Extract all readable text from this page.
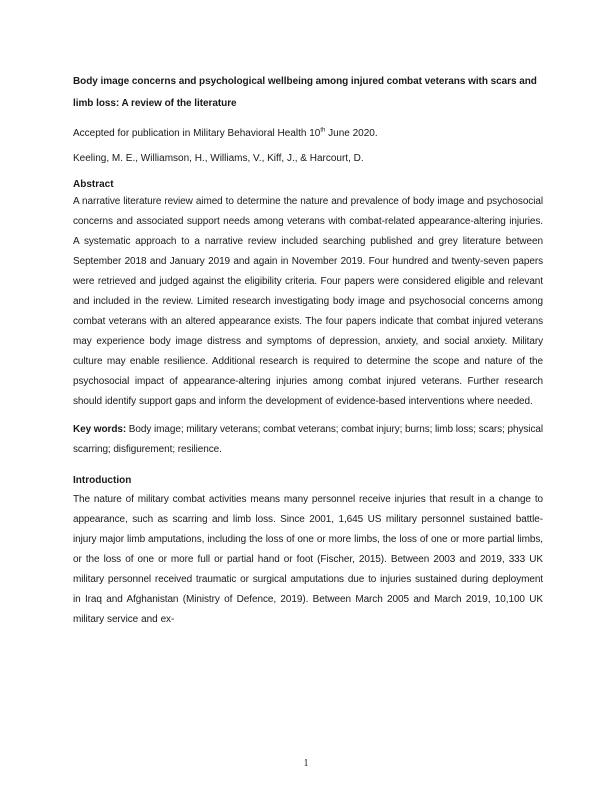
Body image concerns and psychological wellbeing among injured combat veterans with scars and limb loss: A review of the literature

Accepted for publication in Military Behavioral Health 10th June 2020.

Keeling, M. E., Williamson, H., Williams, V., Kiff, J., & Harcourt, D.

Abstract

A narrative literature review aimed to determine the nature and prevalence of body image and psychosocial concerns and associated support needs among veterans with combat-related appearance-altering injuries. A systematic approach to a narrative review included searching published and grey literature between September 2018 and January 2019 and again in November 2019. Four hundred and twenty-seven papers were retrieved and judged against the eligibility criteria. Four papers were considered eligible and relevant and included in the review. Limited research investigating body image and psychosocial concerns among combat veterans with an altered appearance exists. The four papers indicate that combat injured veterans may experience body image distress and symptoms of depression, anxiety, and social anxiety. Military culture may enable resilience. Additional research is required to determine the scope and nature of the psychosocial impact of appearance-altering injuries among combat injured veterans. Further research should identify support gaps and inform the development of evidence-based interventions where needed.

Key words: Body image; military veterans; combat veterans; combat injury; burns; limb loss; scars; physical scarring; disfigurement; resilience.

Introduction

The nature of military combat activities means many personnel receive injuries that result in a change to appearance, such as scarring and limb loss. Since 2001, 1,645 US military personnel sustained battle-injury major limb amputations, including the loss of one or more limbs, the loss of one or more partial limbs, or the loss of one or more full or partial hand or foot (Fischer, 2015). Between 2003 and 2019, 333 UK military personnel received traumatic or surgical amputations due to injuries sustained during deployment in Iraq and Afghanistan (Ministry of Defence, 2019). Between March 2005 and March 2019, 10,100 UK military service and ex-

1
